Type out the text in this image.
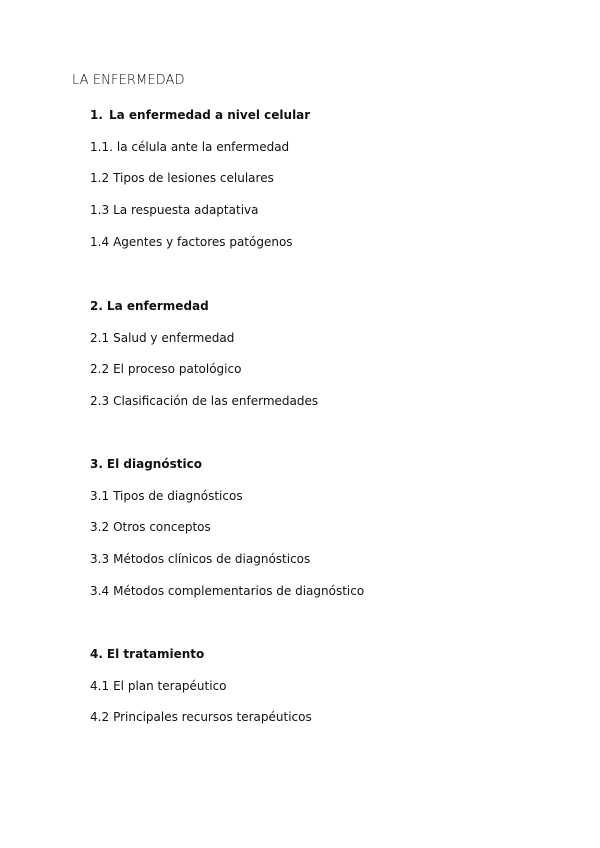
LA ENFERMEDAD
1. La enfermedad a nivel celular
1.1. la célula ante la enfermedad
1.2 Tipos de lesiones celulares
1.3 La respuesta adaptativa
1.4 Agentes y factores patógenos
2. La enfermedad
2.1 Salud y enfermedad
2.2 El proceso patológico
2.3 Clasificación de las enfermedades
3. El diagnóstico
3.1 Tipos de diagnósticos
3.2 Otros conceptos
3.3 Métodos clínicos de diagnósticos
3.4 Métodos complementarios de diagnóstico
4. El tratamiento
4.1 El plan terapéutico
4.2 Principales recursos terapéuticos
